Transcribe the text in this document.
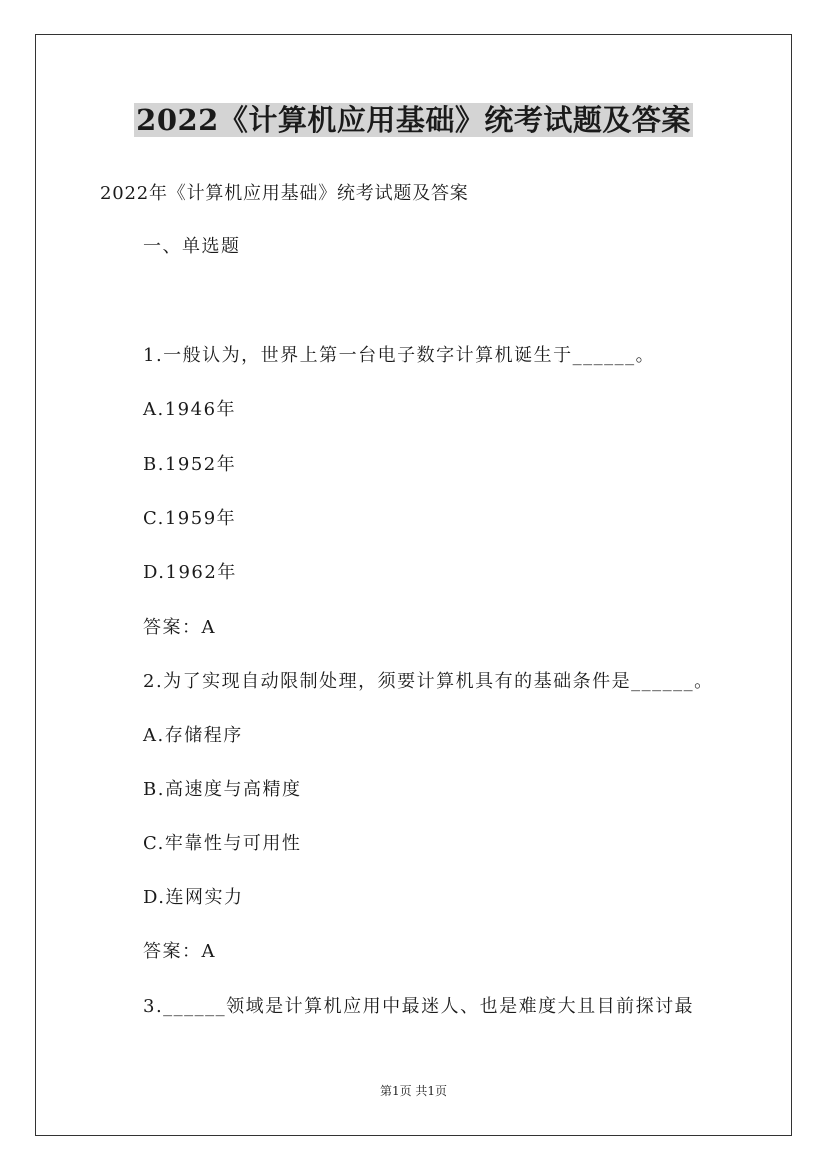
2022《计算机应用基础》统考试题及答案

2022年《计算机应用基础》统考试题及答案

一、单选题

1.一般认为，世界上第一台电子数字计算机诞生于______。

A.1946年

B.1952年

C.1959年

D.1962年

答案：A

2.为了实现自动限制处理，须要计算机具有的基础条件是______。

A.存储程序

B.高速度与高精度

C.牢靠性与可用性

D.连网实力

答案：A

3.______领域是计算机应用中最迷人、也是难度大且目前探讨最

第1页 共1页
